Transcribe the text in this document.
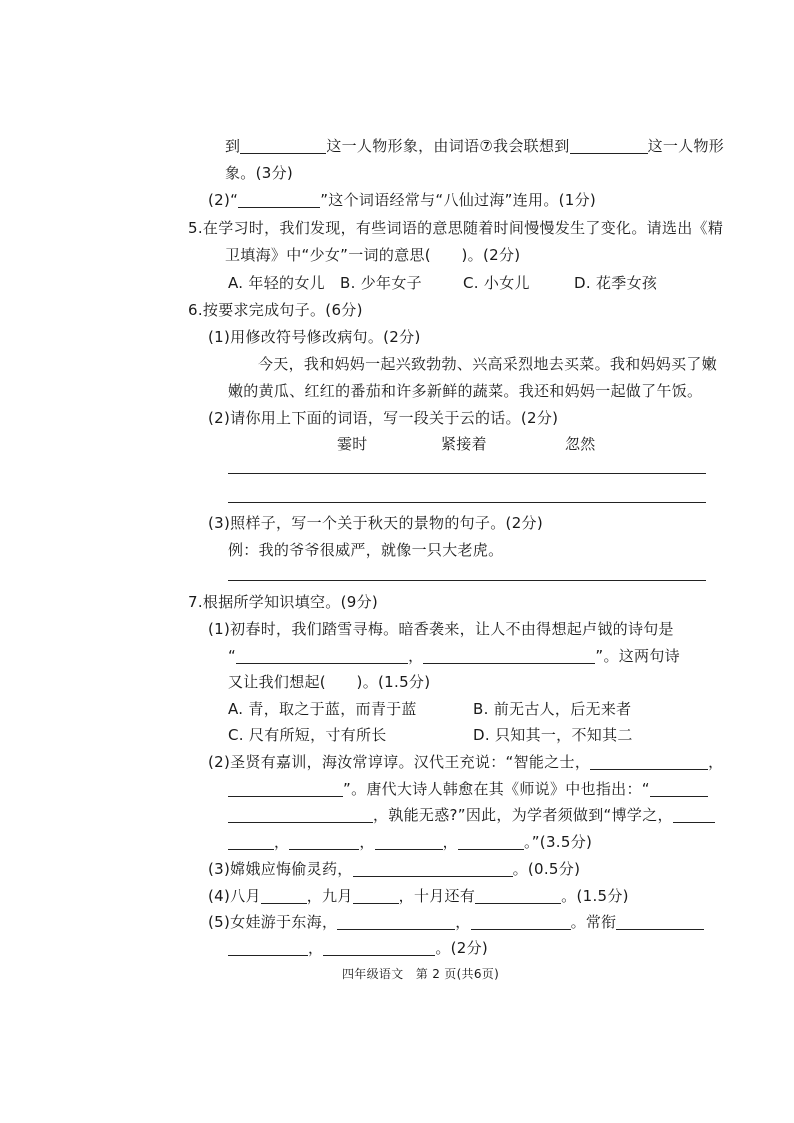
到	这一人物形象，由词语⑦我会联想到	这一人物形
象。(3分)
(2)“	”这个词语经常与“八仙过海”连用。(1分)
5.在学习时，我们发现，有些词语的意思随着时间慢慢发生了变化。请选出《精
卫填海》中“少女”一词的意思(　　)。(2分)
A. 年轻的女儿 B. 少年女子	C. 小女儿	D. 花季女孩
6.按要求完成句子。(6分)
(1)用修改符号修改病句。(2分)
今天，我和妈妈一起兴致勃勃、兴高采烈地去买菜。我和妈妈买了嫩
嫩的黄瓜、红红的番茄和许多新鲜的蔬菜。我还和妈妈一起做了午饭。
(2)请你用上下面的词语，写一段关于云的话。(2分)
霎时	紧接着	忽然
(3)照样子，写一个关于秋天的景物的句子。(2分)
例：我的爷爷很威严，就像一只大老虎。
7.根据所学知识填空。(9分)
(1)初春时，我们踏雪寻梅。暗香袭来，让人不由得想起卢钺的诗句是
“	，	”。这两句诗
又让我们想起(　　)。(1.5分)
A. 青，取之于蓝，而青于蓝	B. 前无古人，后无来者
C. 尺有所短，寸有所长	D. 只知其一，不知其二
(2)圣贤有嘉训，海汝常谆谆。汉代王充说：“智能之士，	，
”。唐代大诗人韩愈在其《师说》中也指出：“
，孰能无惑?”因此，为学者须做到“博学之，
，	，	，	。”(3.5分)
(3)嫦娥应悔偷灵药，	。(0.5分)
(4)八月	，九月	，十月还有	。(1.5分)
(5)女娃游于东海，	，	。常衔
，	。(2分)
四年级语文　第 2 页(共6页)
